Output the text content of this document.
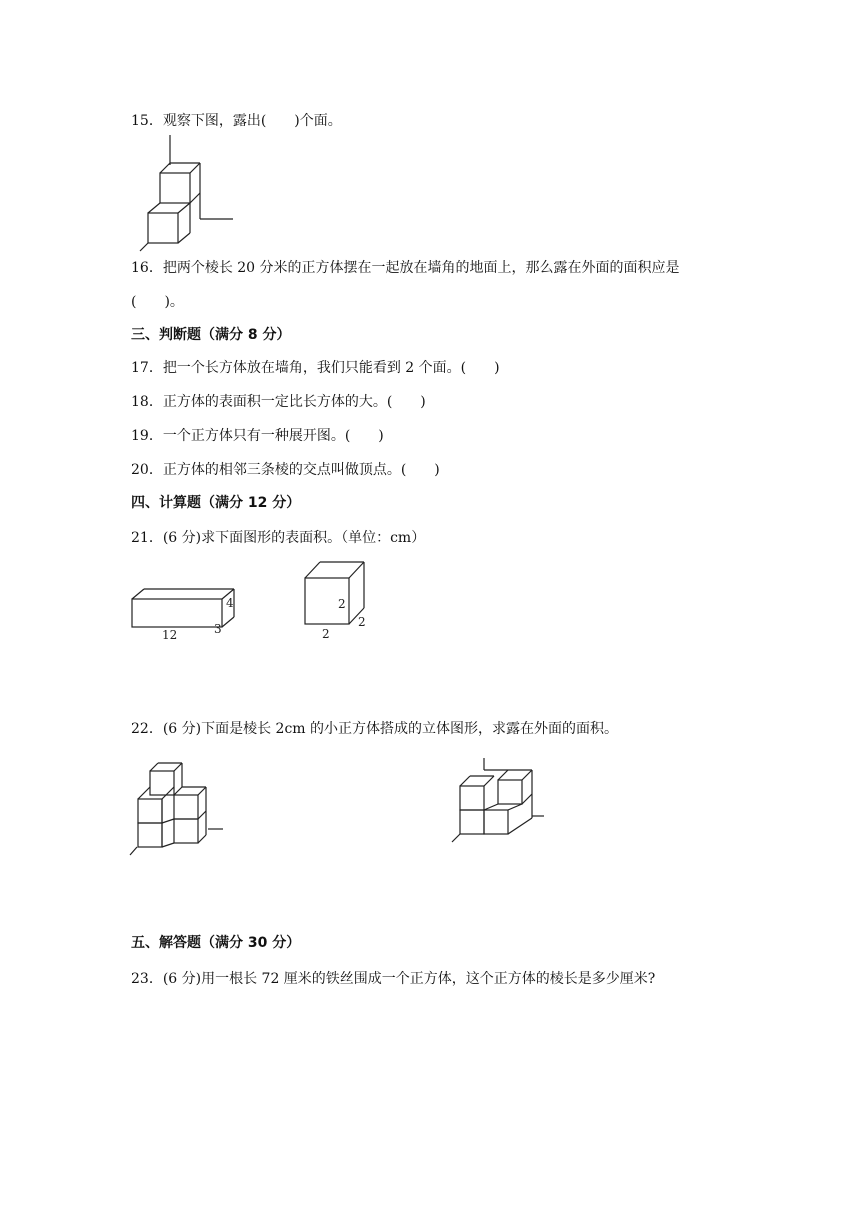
15．观察下图，露出(　　)个面。
16．把两个棱长 20 分米的正方体摆在一起放在墙角的地面上，那么露在外面的面积应是
(　　)。
三、判断题（满分 8 分）
17．把一个长方体放在墙角，我们只能看到 2 个面。(　　)
18．正方体的表面积一定比长方体的大。(　　)
19．一个正方体只有一种展开图。(　　)
20．正方体的相邻三条棱的交点叫做顶点。(　　)
四、计算题（满分 12 分）
21．(6 分)求下面图形的表面积。（单位：cm）
12	3
4	2
2
2
22．(6 分)下面是棱长 2cm 的小正方体搭成的立体图形，求露在外面的面积。
五、解答题（满分 30 分）
23．(6 分)用一根长 72 厘米的铁丝围成一个正方体，这个正方体的棱长是多少厘米?
